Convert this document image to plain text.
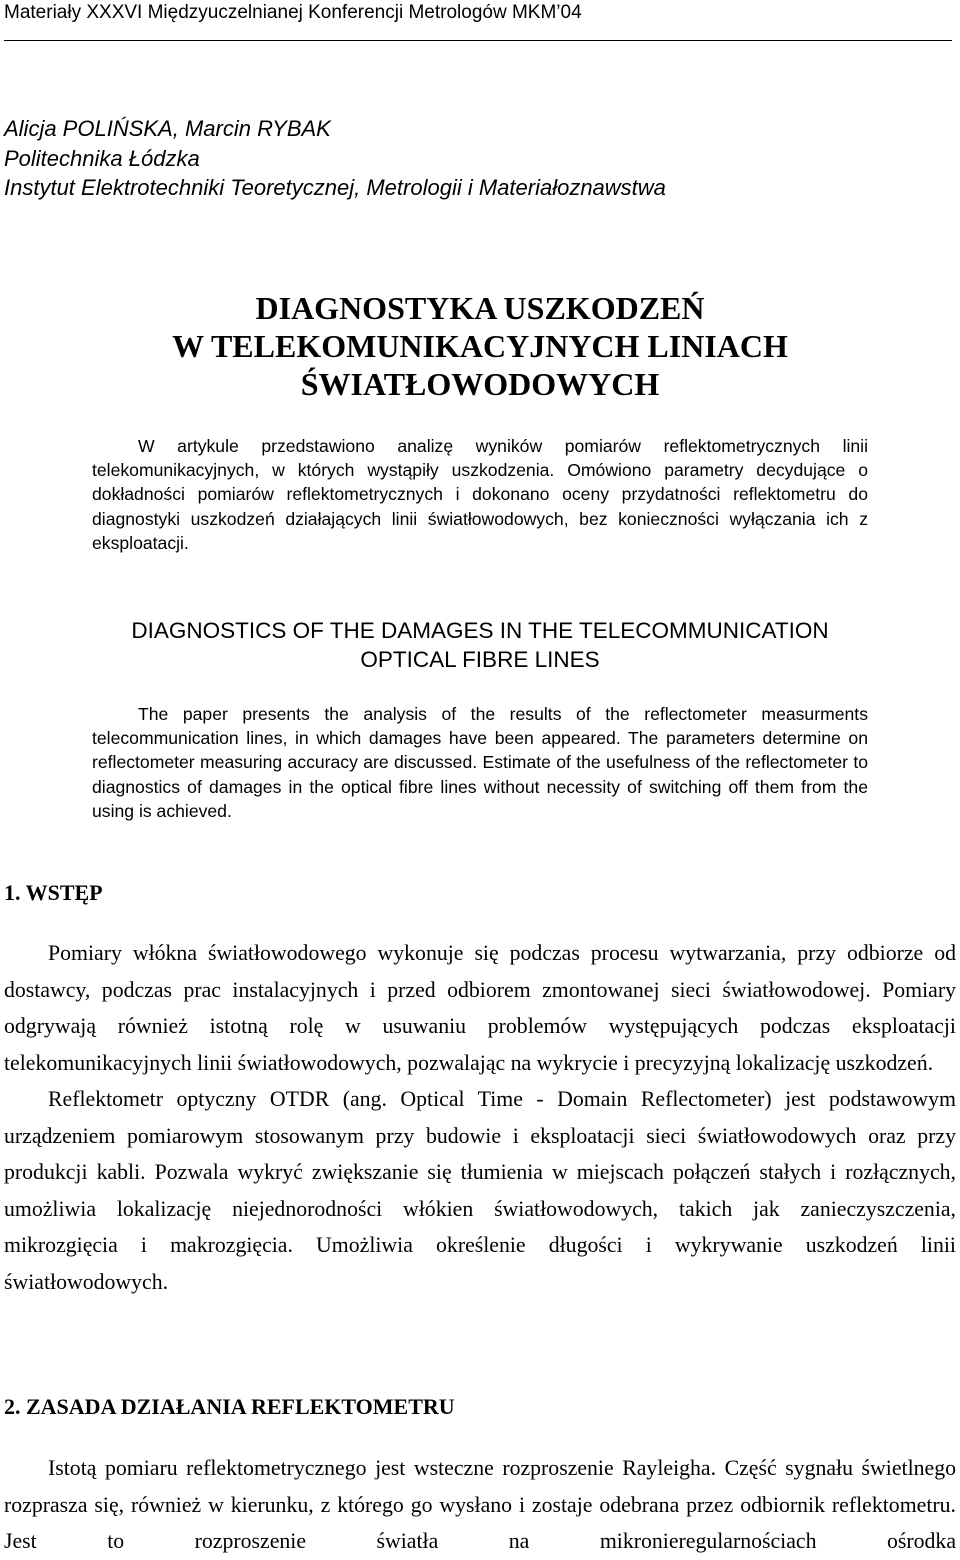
Materiały XXXVI Międzyuczelnianej Konferencji Metrologów MKM’04
Alicja POLIŃSKA, Marcin RYBAK
Politechnika Łódzka
Instytut Elektrotechniki Teoretycznej, Metrologii i Materiałoznawstwa
DIAGNOSTYKA USZKODZEŃ
W TELEKOMUNIKACYJNYCH LINIACH
ŚWIATŁOWODOWYCH
W artykule przedstawiono analizę wyników pomiarów reflektometrycznych linii telekomunikacyjnych, w których wystąpiły uszkodzenia. Omówiono parametry decydujące o dokładności pomiarów reflektometrycznych i dokonano oceny przydatności reflektometru do diagnostyki uszkodzeń działających linii światłowodowych, bez konieczności wyłączania ich z eksploatacji.
DIAGNOSTICS OF THE DAMAGES IN THE TELECOMMUNICATION
OPTICAL FIBRE LINES
The paper presents the analysis of the results of the reflectometer measurments telecommunication lines, in which damages have been appeared. The parameters determine on reflectometer measuring accuracy are discussed. Estimate of the usefulness of the reflectometer to diagnostics of damages in the optical fibre lines without necessity of switching off them from the using is achieved.
1. WSTĘP

Pomiary włókna światłowodowego wykonuje się podczas procesu wytwarzania, przy odbiorze od dostawcy, podczas prac instalacyjnych i przed odbiorem zmontowanej sieci światłowodowej. Pomiary odgrywają również istotną rolę w usuwaniu problemów występujących podczas eksploatacji telekomunikacyjnych linii światłowodowych, pozwalając na wykrycie i precyzyjną lokalizację uszkodzeń.

Reflektometr optyczny OTDR (ang. Optical Time - Domain Reflectometer) jest podstawowym urządzeniem pomiarowym stosowanym przy budowie i eksploatacji sieci światłowodowych oraz przy produkcji kabli. Pozwala wykryć zwiększanie się tłumienia w miejscach połączeń stałych i rozłącznych, umożliwia lokalizację niejednorodności włókien światłowodowych, takich jak zanieczyszczenia, mikrozgięcia i makrozgięcia. Umożliwia określenie długości i wykrywanie uszkodzeń linii światłowodowych.

2. ZASADA DZIAŁANIA REFLEKTOMETRU

Istotą pomiaru reflektometrycznego jest wsteczne rozproszenie Rayleigha. Część sygnału świetlnego rozprasza się, również w kierunku, z którego go wysłano i zostaje odebrana przez odbiornik reflektometru. Jest to rozproszenie światła na mikronieregularnościach ośrodka
